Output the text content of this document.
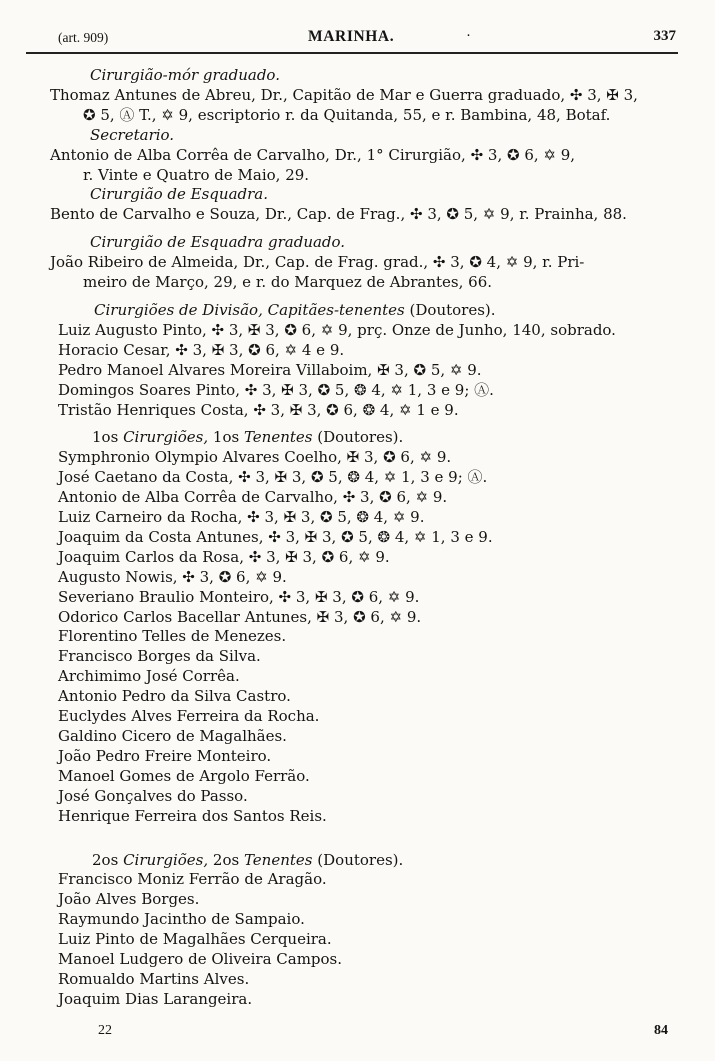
(art. 909)	MARINHA.	·	337
Cirurgião-mór graduado.
Thomaz Antunes de Abreu, Dr., Capitão de Mar e Guerra graduado, ✣ 3, ✠ 3,
✪ 5, Ⓐ T., ✡ 9, escriptorio r. da Quitanda, 55, e r. Bambina, 48, Botaf.
Secretario.
Antonio de Alba Corrêa de Carvalho, Dr., 1° Cirurgião, ✣ 3, ✪ 6, ✡ 9,
r. Vinte e Quatro de Maio, 29.
Cirurgião de Esquadra.
Bento de Carvalho e Souza, Dr., Cap. de Frag., ✣ 3, ✪ 5, ✡ 9, r. Prainha, 88.
Cirurgião de Esquadra graduado.
João Ribeiro de Almeida, Dr., Cap. de Frag. grad., ✣ 3, ✪ 4, ✡ 9, r. Pri-
meiro de Março, 29, e r. do Marquez de Abrantes, 66.
Cirurgiões de Divisão, Capitães-tenentes (Doutores).
Luiz Augusto Pinto, ✣ 3, ✠ 3, ✪ 6, ✡ 9, prç. Onze de Junho, 140, sobrado.
Horacio Cesar, ✣ 3, ✠ 3, ✪ 6, ✡ 4 e 9.
Pedro Manoel Alvares Moreira Villaboim, ✠ 3, ✪ 5, ✡ 9.
Domingos Soares Pinto, ✣ 3, ✠ 3, ✪ 5, ❂ 4, ✡ 1, 3 e 9; Ⓐ.
Tristão Henriques Costa, ✣ 3, ✠ 3, ✪ 6, ❂ 4, ✡ 1 e 9.
1os Cirurgiões, 1os Tenentes (Doutores).
Symphronio Olympio Alvares Coelho, ✠ 3, ✪ 6, ✡ 9.
José Caetano da Costa, ✣ 3, ✠ 3, ✪ 5, ❂ 4, ✡ 1, 3 e 9; Ⓐ.
Antonio de Alba Corrêa de Carvalho, ✣ 3, ✪ 6, ✡ 9.
Luiz Carneiro da Rocha, ✣ 3, ✠ 3, ✪ 5, ❂ 4, ✡ 9.
Joaquim da Costa Antunes, ✣ 3, ✠ 3, ✪ 5, ❂ 4, ✡ 1, 3 e 9.
Joaquim Carlos da Rosa, ✣ 3, ✠ 3, ✪ 6, ✡ 9.
Augusto Nowis, ✣ 3, ✪ 6, ✡ 9.
Severiano Braulio Monteiro, ✣ 3, ✠ 3, ✪ 6, ✡ 9.
Odorico Carlos Bacellar Antunes, ✠ 3, ✪ 6, ✡ 9.
Florentino Telles de Menezes.
Francisco Borges da Silva.
Archimimo José Corrêa.
Antonio Pedro da Silva Castro.
Euclydes Alves Ferreira da Rocha.
Galdino Cicero de Magalhães.
João Pedro Freire Monteiro.
Manoel Gomes de Argolo Ferrão.
José Gonçalves do Passo.
Henrique Ferreira dos Santos Reis.
2os Cirurgiões, 2os Tenentes (Doutores).
Francisco Moniz Ferrão de Aragão.
João Alves Borges.
Raymundo Jacintho de Sampaio.
Luiz Pinto de Magalhães Cerqueira.
Manoel Ludgero de Oliveira Campos.
Romualdo Martins Alves.
Joaquim Dias Larangeira.
22	84
